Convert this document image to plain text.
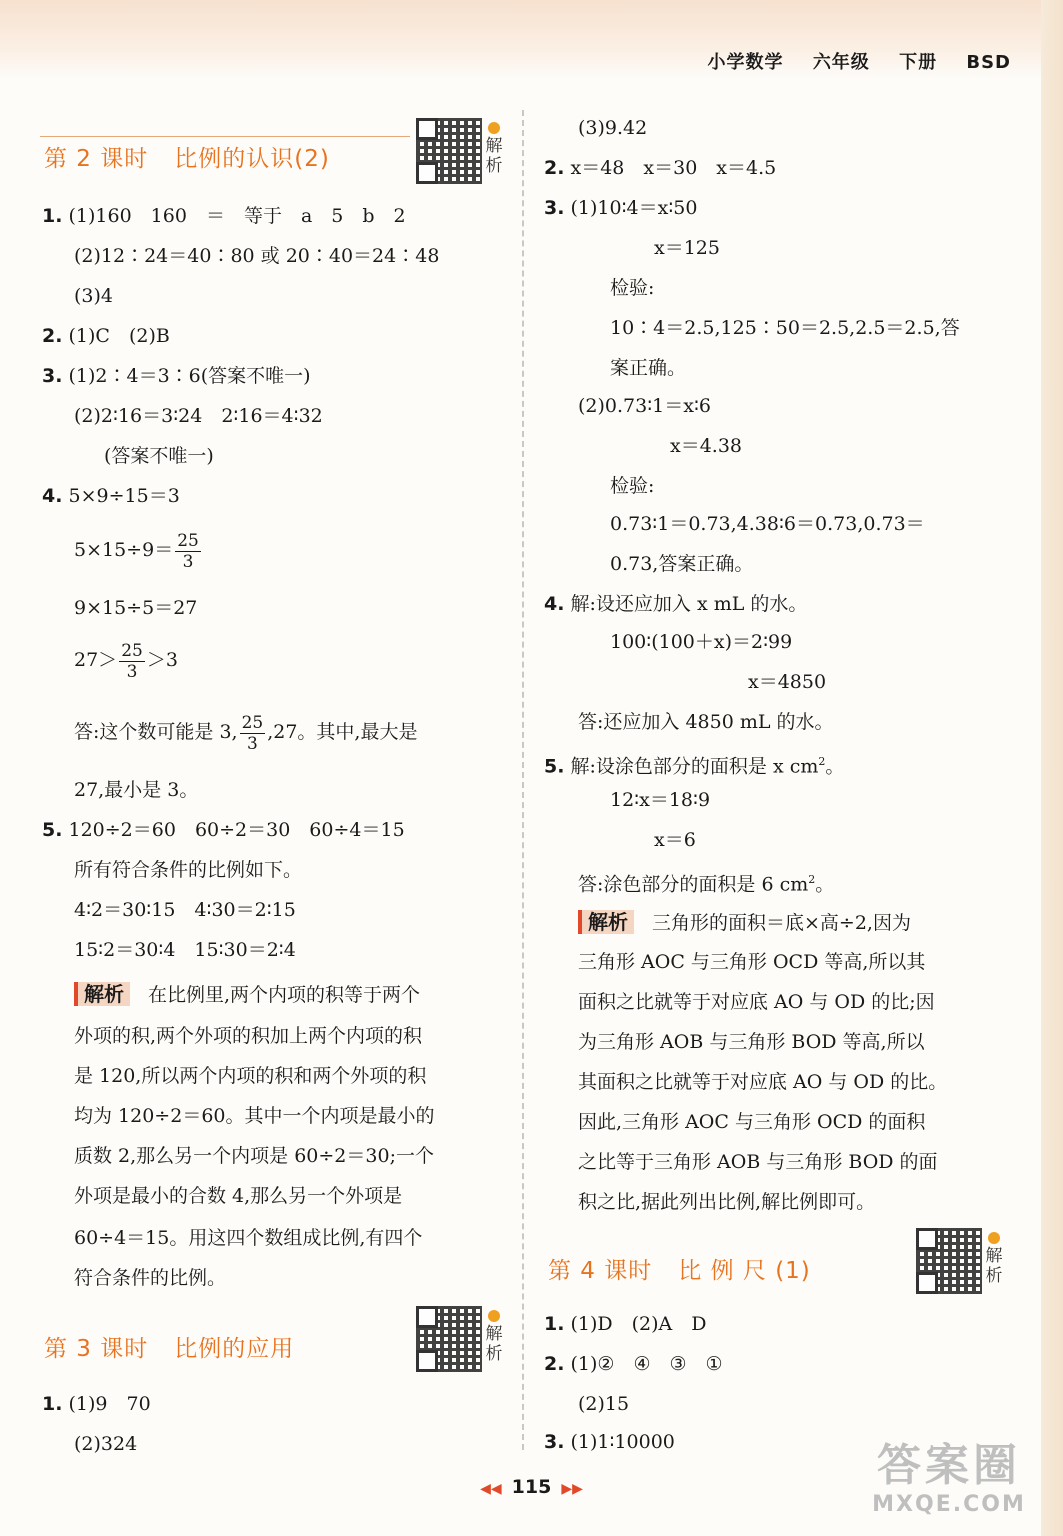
小学数学 六年级 下册 BSD
第 2 课时 比例的认识(2)	解析
1. (1)160　160　＝　等于　a　5　b　2
(2)12∶24＝40∶80 或 20∶40＝24∶48
(3)4
2. (1)C　(2)B
3. (1)2∶4＝3∶6(答案不唯一)
(2)2∶16＝3∶24　2∶16＝4∶32
(答案不唯一)
4. 5×9÷15＝3
$5\times 15\div 9= \frac{25}{3}$
9×15÷5＝27
$27> \frac{25}{3} >3$
答:这个数可能是 3, $\frac{25}{3} ,27$。其中,最大是
27,最小是 3。
5. 120÷2＝60　60÷2＝30　60÷4＝15
所有符合条件的比例如下。
4∶2＝30∶15　4∶30＝2∶15
15∶2＝30∶4　15∶30＝2∶4
解析 在比例里,两个内项的积等于两个
外项的积,两个外项的积加上两个内项的积
是 120,所以两个内项的积和两个外项的积
均为 120÷2＝60。其中一个内项是最小的
质数 2,那么另一个内项是 60÷2＝30;一个
外项是最小的合数 4,那么另一个外项是
60÷4＝15。用这四个数组成比例,有四个
符合条件的比例。
第 3 课时 比例的应用
解析
1. (1)9　70
(2)324
(3)9.42
2. x＝48　x＝30　x＝4.5
3. (1)10∶4＝x∶50
x＝125
检验:
10∶4＝2.5,125∶50＝2.5,2.5＝2.5,答
案正确。
(2)0.73∶1＝x∶6
x＝4.38
检验:
0.73∶1＝0.73,4.38∶6＝0.73,0.73＝
0.73,答案正确。
4. 解:设还应加入 x mL 的水。
100∶(100＋x)＝2∶99
x＝4850
答:还应加入 4850 mL 的水。
5. 解:设涂色部分的面积是 x $cm^2$。
12∶x＝18∶9
x＝6
答:涂色部分的面积是 6 $cm^2$。
解析 三角形的面积＝底×高÷2,因为
三角形 AOC 与三角形 OCD 等高,所以其
面积之比就等于对应底 AO 与 OD 的比;因
为三角形 AOB 与三角形 BOD 等高,所以
其面积之比就等于对应底 AO 与 OD 的比。
因此,三角形 AOC 与三角形 OCD 的面积
之比等于三角形 AOB 与三角形 BOD 的面
积之比,据此列出比例,解比例即可。
第 4 课时 比 例 尺 (1)
解析
1. (1)D　(2)A　D
2. (1)②　④　③　①
(2)15
3. (1)1∶10000
◀◀ 115 ▶▶	答案圈
MXQE.COM
